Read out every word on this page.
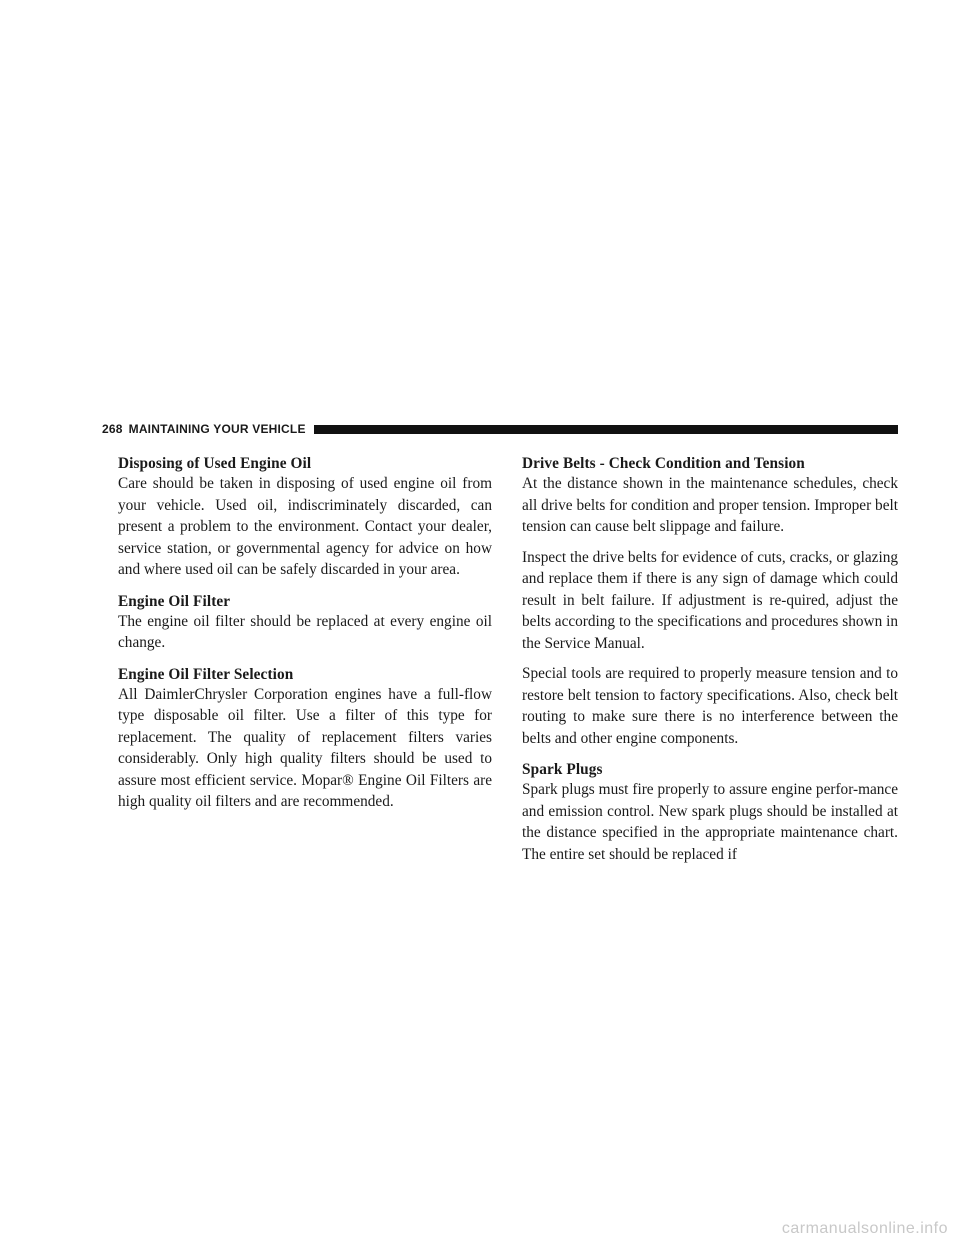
268 MAINTAINING YOUR VEHICLE
Disposing of Used Engine Oil

Care should be taken in disposing of used engine oil from your vehicle. Used oil, indiscriminately discarded, can present a problem to the environment. Contact your dealer, service station, or governmental agency for advice on how and where used oil can be safely discarded in your area.

Engine Oil Filter

The engine oil filter should be replaced at every engine oil change.

Engine Oil Filter Selection

All DaimlerChrysler Corporation engines have a full-flow type disposable oil filter. Use a filter of this type for replacement. The quality of replacement filters varies considerably. Only high quality filters should be used to assure most efficient service. Mopar® Engine Oil Filters are high quality oil filters and are recommended.

Drive Belts - Check Condition and Tension

At the distance shown in the maintenance schedules, check all drive belts for condition and proper tension. Improper belt tension can cause belt slippage and failure.

Inspect the drive belts for evidence of cuts, cracks, or glazing and replace them if there is any sign of damage which could result in belt failure. If adjustment is re-quired, adjust the belts according to the specifications and procedures shown in the Service Manual.

Special tools are required to properly measure tension and to restore belt tension to factory specifications. Also, check belt routing to make sure there is no interference between the belts and other engine components.

Spark Plugs

Spark plugs must fire properly to assure engine perfor-mance and emission control. New spark plugs should be installed at the distance specified in the appropriate maintenance chart. The entire set should be replaced if

carmanualsonline.info
